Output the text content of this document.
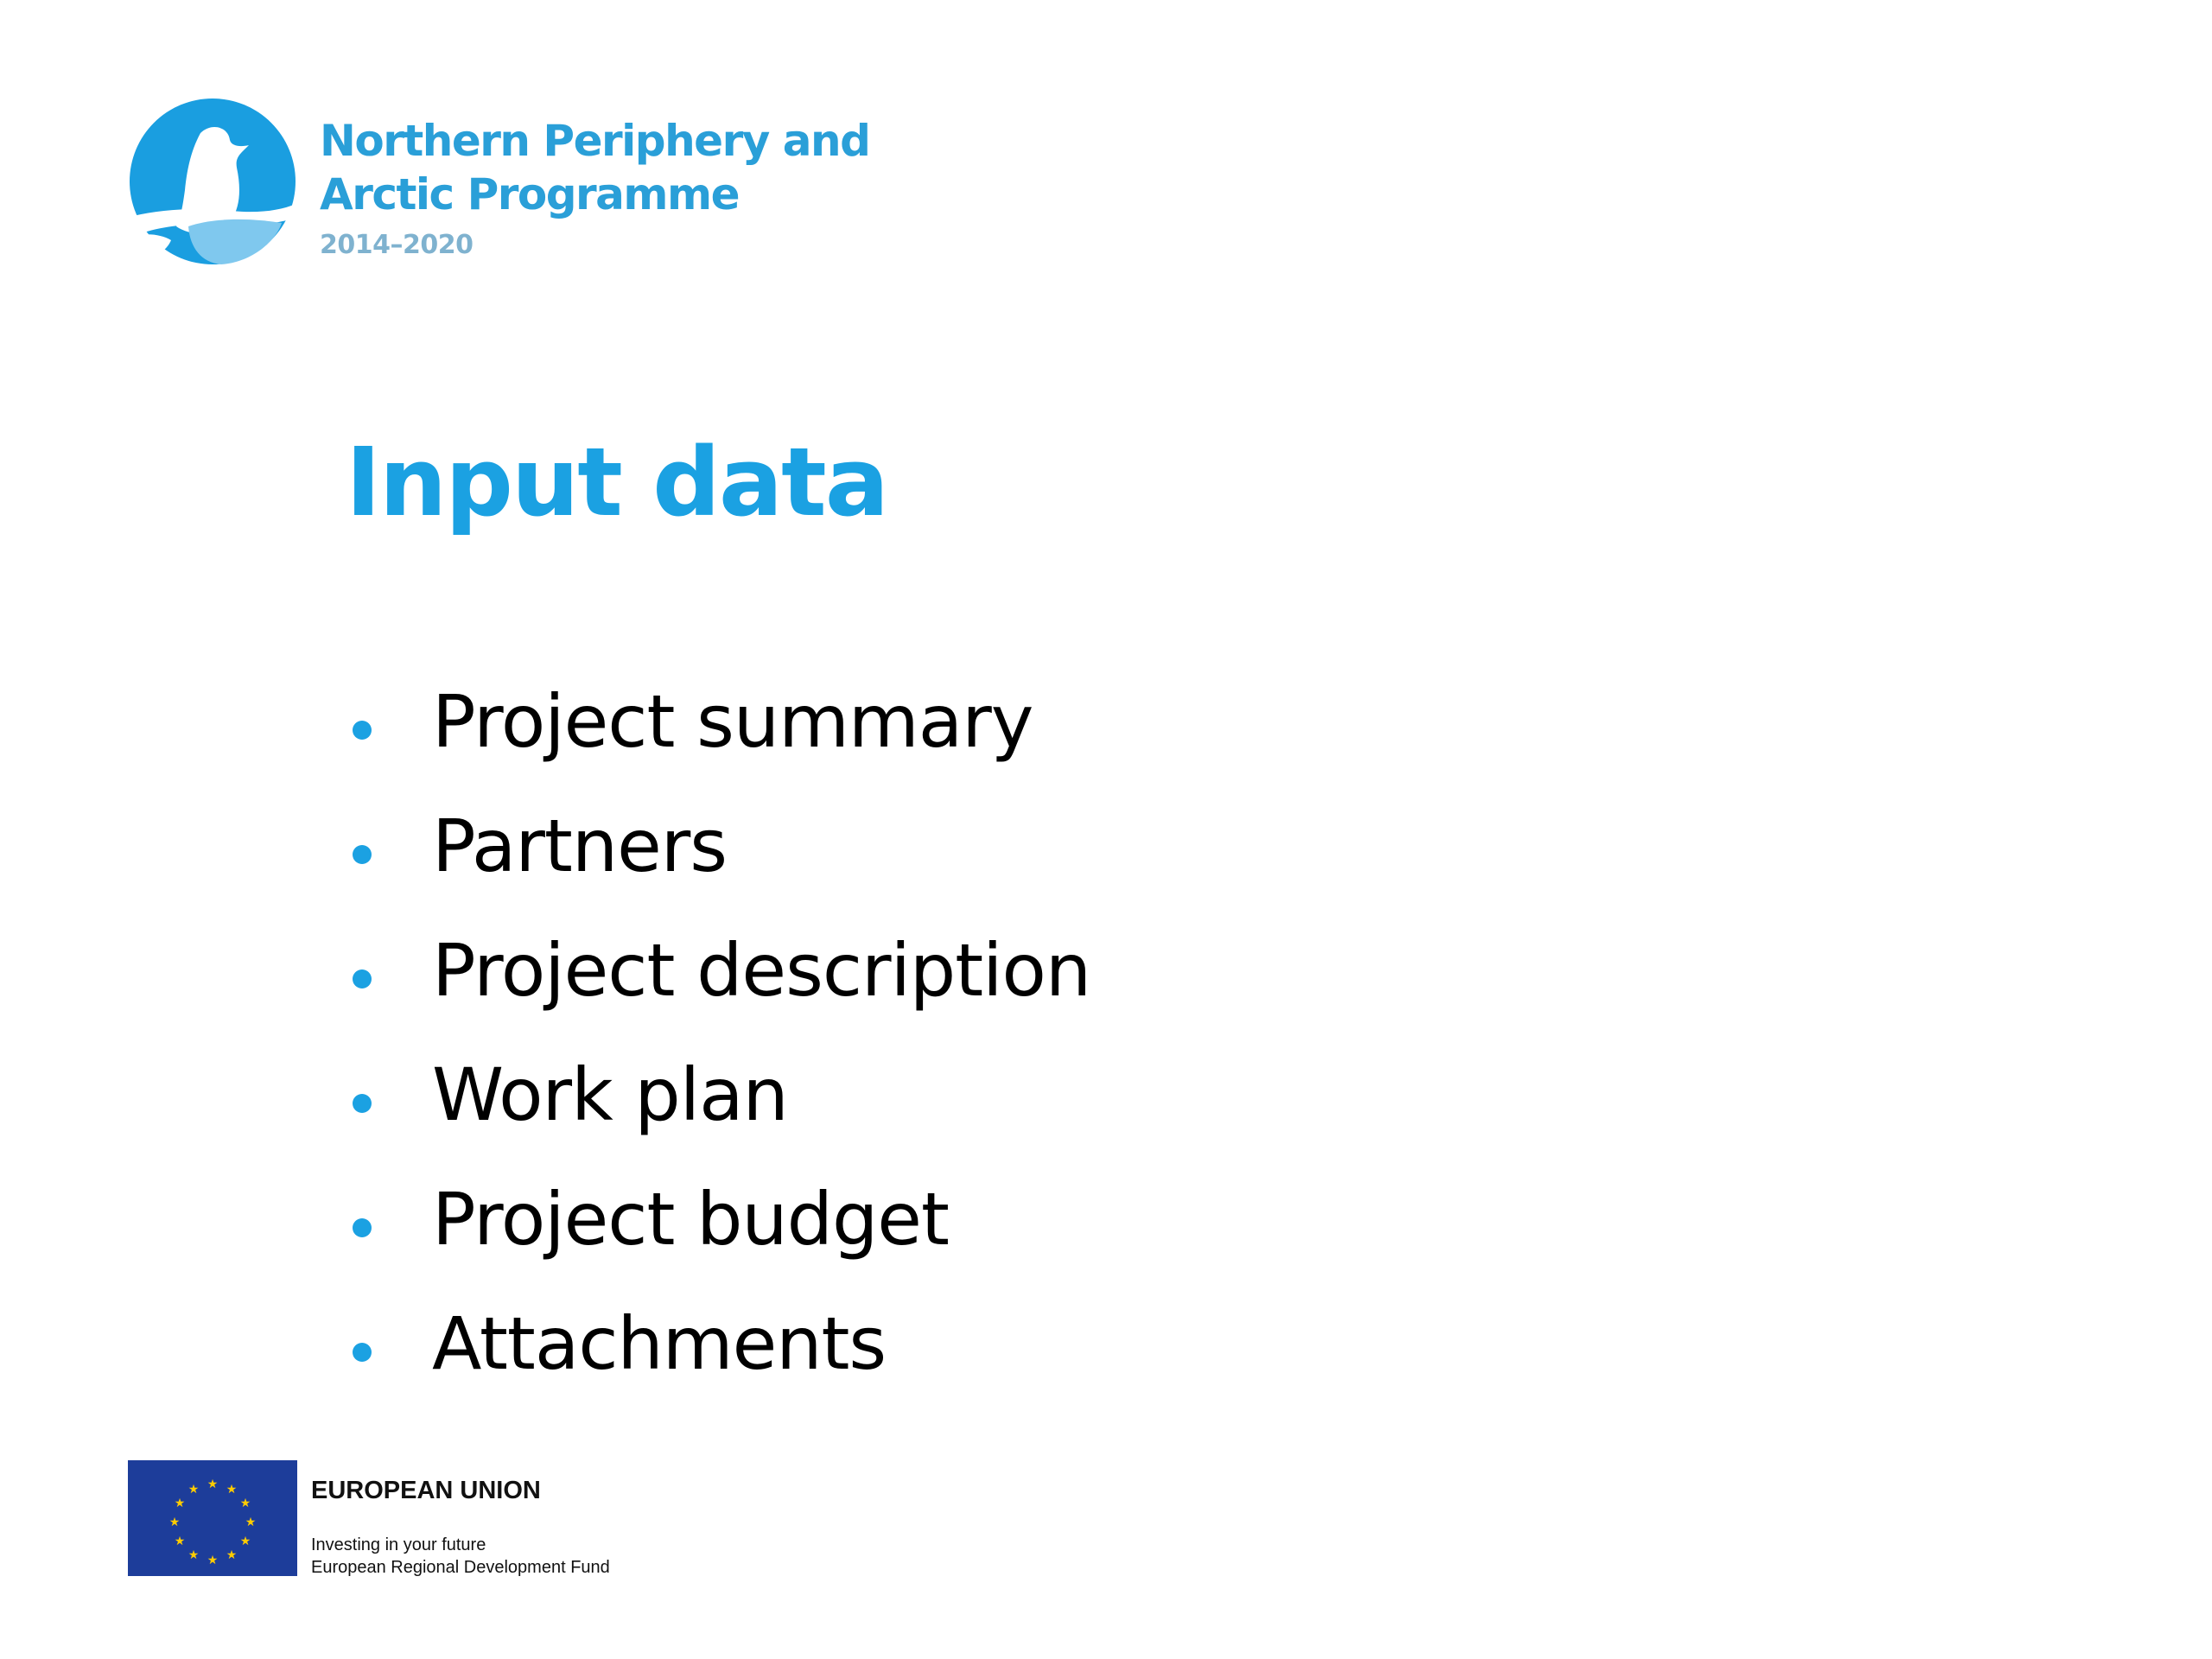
Northern Periphery and
Arctic Programme
2014–2020
Input data
Project summary
Partners
Project description
Work plan
Project budget
Attachments
★ ★
★
★
★
★
★
★
★
★
★
★	EUROPEAN UNION
Investing in your future
European Regional Development Fund
